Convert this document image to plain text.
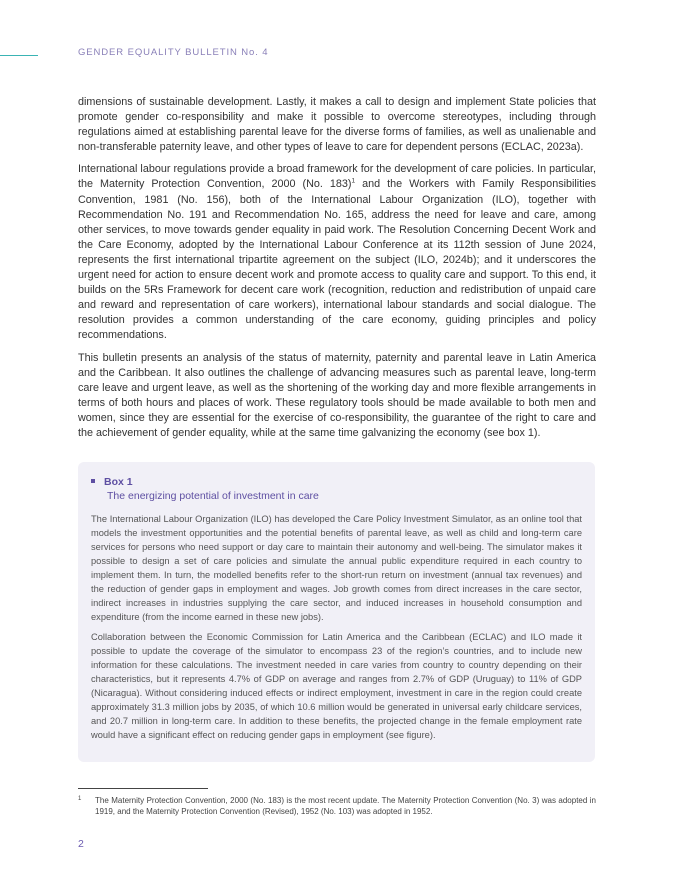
GENDER EQUALITY BULLETIN No. 4

dimensions of sustainable development. Lastly, it makes a call to design and implement State policies that promote gender co-responsibility and make it possible to overcome stereotypes, including through regulations aimed at establishing parental leave for the diverse forms of families, as well as unalienable and non-transferable paternity leave, and other types of leave to care for dependent persons (ECLAC, 2023a).

International labour regulations provide a broad framework for the development of care policies. In particular, the Maternity Protection Convention, 2000 (No. 183)$^1$ and the Workers with Family Responsibilities Convention, 1981 (No. 156), both of the International Labour Organization (ILO), together with Recommendation No. 191 and Recommendation No. 165, address the need for leave and care, among other services, to move towards gender equality in paid work. The Resolution Concerning Decent Work and the Care Economy, adopted by the International Labour Conference at its 112th session of June 2024, represents the first international tripartite agreement on the subject (ILO, 2024b); and it underscores the urgent need for action to ensure decent work and promote access to quality care and support. To this end, it builds on the 5Rs Framework for decent care work (recognition, reduction and redistribution of unpaid care and reward and representation of care workers), international labour standards and social dialogue. The resolution provides a common understanding of the care economy, guiding principles and policy recommendations.

This bulletin presents an analysis of the status of maternity, paternity and parental leave in Latin America and the Caribbean. It also outlines the challenge of advancing measures such as parental leave, long-term care leave and urgent leave, as well as the shortening of the working day and more flexible arrangements in terms of both hours and places of work. These regulatory tools should be made available to both men and women, since they are essential for the exercise of co-responsibility, the guarantee of the right to care and the achievement of gender equality, while at the same time galvanizing the economy (see box 1).

Box 1
The energizing potential of investment in care

The International Labour Organization (ILO) has developed the Care Policy Investment Simulator, as an online tool that models the investment opportunities and the potential benefits of parental leave, as well as child and long-term care services for persons who need support or day care to maintain their autonomy and well-being. The simulator makes it possible to design a set of care policies and simulate the annual public expenditure required in each country to implement them. In turn, the modelled benefits refer to the short-run return on investment (annual tax revenues) and the reduction of gender gaps in employment and wages. Job growth comes from direct increases in the care sector, indirect increases in industries supplying the care sector, and induced increases in household consumption and expenditure (from the income earned in these new jobs).

Collaboration between the Economic Commission for Latin America and the Caribbean (ECLAC) and ILO made it possible to update the coverage of the simulator to encompass 23 of the region’s countries, and to include new information for these calculations. The investment needed in care varies from country to country depending on their characteristics, but it represents 4.7% of GDP on average and ranges from 2.7% of GDP (Uruguay) to 11% of GDP (Nicaragua). Without considering induced effects or indirect employment, investment in care in the region could create approximately 31.3 million jobs by 2035, of which 10.6 million would be generated in universal early childcare services, and 20.7 million in long-term care. In addition to these benefits, the projected change in the female employment rate would have a significant effect on reducing gender gaps in employment (see figure).

1 The Maternity Protection Convention, 2000 (No. 183) is the most recent update. The Maternity Protection Convention (No. 3) was adopted in 1919, and the Maternity Protection Convention (Revised), 1952 (No. 103) was adopted in 1952.
2
